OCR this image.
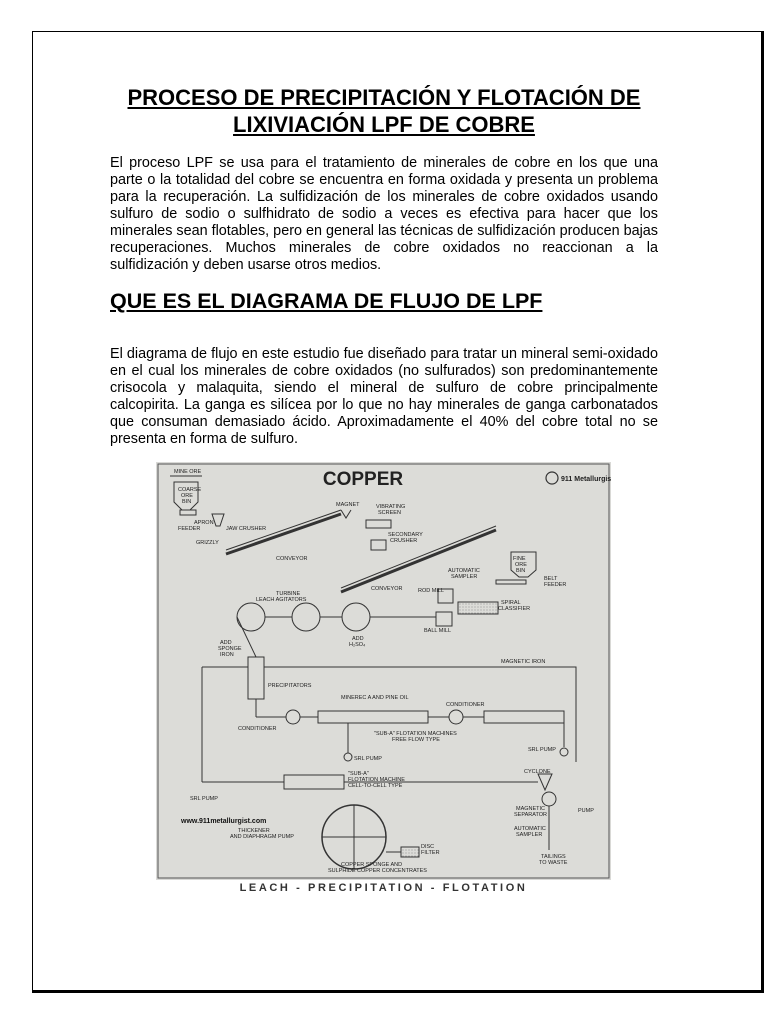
PROCESO DE PRECIPITACIÓN Y FLOTACIÓN DE LIXIVIACIÓN LPF DE COBRE

El proceso LPF se usa para el tratamiento de minerales de cobre en los que una parte o la totalidad del cobre se encuentra en forma oxidada y presenta un problema para la recuperación. La sulfidización de los minerales de cobre oxidados usando sulfuro de sodio o sulfhidrato de sodio a veces es efectiva para hacer que los minerales sean flotables, pero en general las técnicas de sulfidización producen bajas recuperaciones. Muchos minerales de cobre oxidados no reaccionan a la sulfidización y deben usarse otros medios.

QUE ES EL DIAGRAMA DE FLUJO DE LPF

El diagrama de flujo en este estudio fue diseñado para tratar un mineral semi-oxidado en el cual los minerales de cobre oxidados (no sulfurados) son predominantemente crisocola y malaquita, siendo el mineral de sulfuro de cobre principalmente calcopirita. La ganga es silícea por lo que no hay minerales de ganga carbonatados que consuman demasiado ácido. Aproximadamente el 40% del cobre total no se presenta en forma de sulfuro.

COPPER	911 Metallurgist
MINE ORE
COARSE
ORE
BIN
APRON
FEEDER
GRIZZLY
JAW CRUSHER
MAGNET	VIBRATING
SCREEN
SECONDARY
CRUSHER
CONVEYOR
CONVEYOR
FINE
ORE
BIN
AUTOMATIC
SAMPLER	BELT
FEEDER
TURBINE
LEACH AGITATORS
ROD MILL
SPIRAL
CLASSIFIER
BALL MILL
ADD
SPONGE
IRON
ADD
H₂SO₄
MAGNETIC IRON
PRECIPITATORS
MINEREC A AND PINE OIL
CONDITIONER
CONDITIONER
"SUB-A" FLOTATION MACHINES
FREE FLOW TYPE
SRL PUMP
SRL PUMP
SRL PUMP
CYCLONE
"SUB-A"
FLOTATION MACHINE
CELL-TO-CELL TYPE
MAGNETIC
SEPARATOR
PUMP
THICKENER
AND DIAPHRAGM PUMP
DISC
FILTER
AUTOMATIC
SAMPLER
TAILINGS
TO WASTE
COPPER SPONGE AND
SULPHIDE COPPER CONCENTRATES
www.911metallurgist.com
LEACH - PRECIPITATION - FLOTATION
